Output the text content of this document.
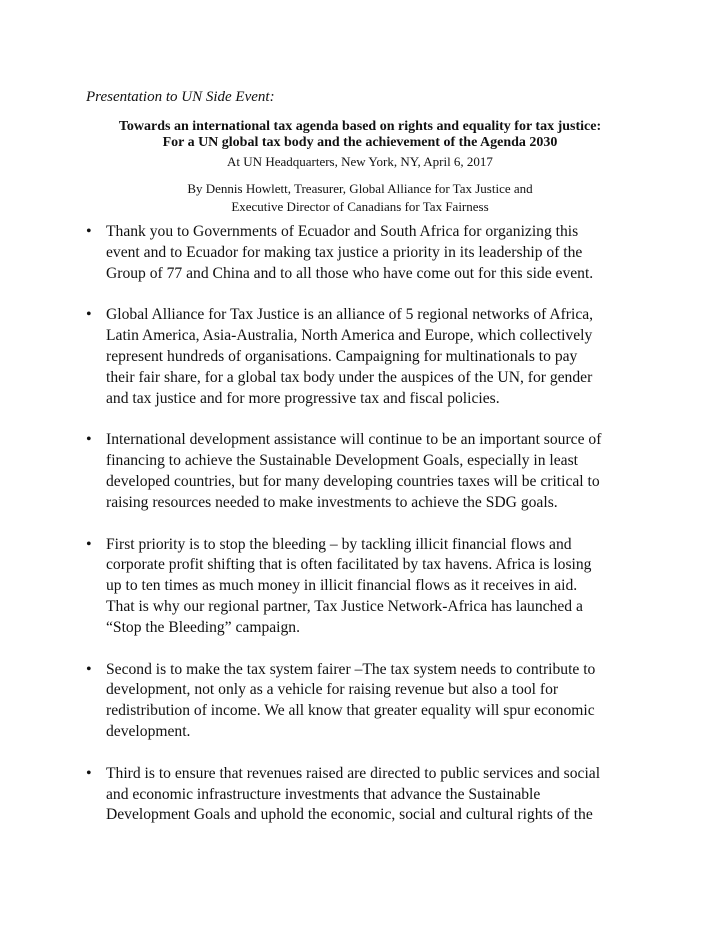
Presentation to UN Side Event:
Towards an international tax agenda based on rights and equality for tax justice:
For a UN global tax body and the achievement of the Agenda 2030
At UN Headquarters, New York, NY, April 6, 2017
By Dennis Howlett, Treasurer, Global Alliance for Tax Justice and
Executive Director of Canadians for Tax Fairness
• Thank you to Governments of Ecuador and South Africa for organizing this
event and to Ecuador for making tax justice a priority in its leadership of the
Group of 77 and China and to all those who have come out for this side event.
• Global Alliance for Tax Justice is an alliance of 5 regional networks of Africa,
Latin America, Asia-Australia, North America and Europe, which collectively
represent hundreds of organisations. Campaigning for multinationals to pay
their fair share, for a global tax body under the auspices of the UN, for gender
and tax justice and for more progressive tax and fiscal policies.
• International development assistance will continue to be an important source of
financing to achieve the Sustainable Development Goals, especially in least
developed countries, but for many developing countries taxes will be critical to
raising resources needed to make investments to achieve the SDG goals.
• First priority is to stop the bleeding – by tackling illicit financial flows and
corporate profit shifting that is often facilitated by tax havens. Africa is losing
up to ten times as much money in illicit financial flows as it receives in aid.
That is why our regional partner, Tax Justice Network-Africa has launched a
“Stop the Bleeding” campaign.
• Second is to make the tax system fairer –The tax system needs to contribute to
development, not only as a vehicle for raising revenue but also a tool for
redistribution of income. We all know that greater equality will spur economic
development.
• Third is to ensure that revenues raised are directed to public services and social
and economic infrastructure investments that advance the Sustainable
Development Goals and uphold the economic, social and cultural rights of the
